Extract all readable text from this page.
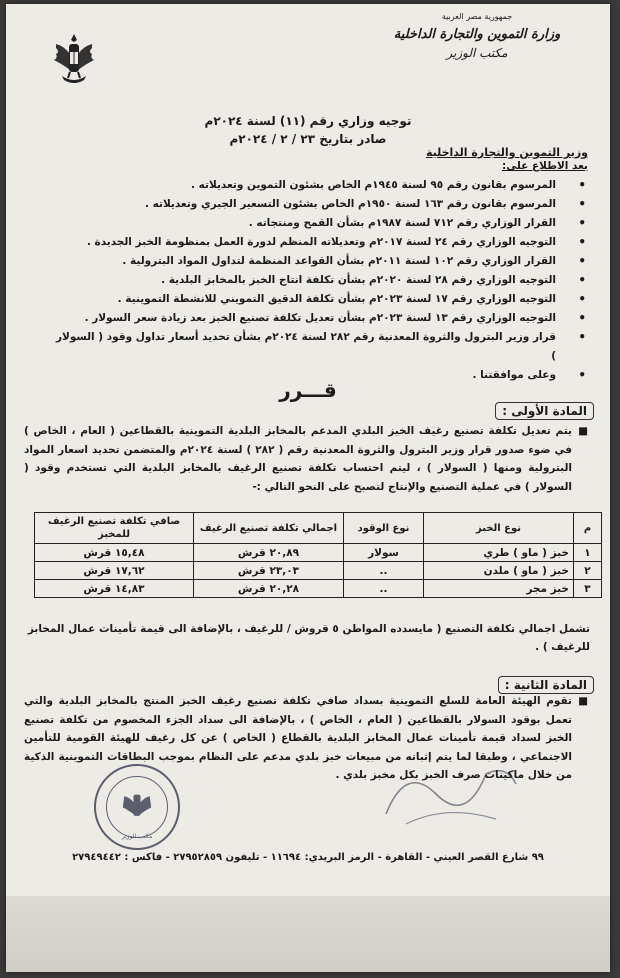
جمهورية مصر العربية
وزارة التموين والتجارة الداخلية
مكتب الوزير
توجيه وزاري رقم (١١) لسنة ٢٠٢٤م
صادر بتاريخ ٢٣ / ٢ / ٢٠٢٤م
وزير التموين والتجارة الداخلية
بعد الاطلاع على:
• المرسوم بقانون رقم ٩٥ لسنة ١٩٤٥م الخاص بشئون التموين وتعديلاته .
• المرسوم بقانون رقم ١٦٣ لسنة ١٩٥٠م الخاص بشئون التسعير الجبري وتعديلاته .
• القرار الوزاري رقم ٧١٢ لسنة ١٩٨٧م بشأن القمح ومنتجاته .
• التوجيه الوزاري رقم ٢٤ لسنة ٢٠١٧م وتعديلاته المنظم لدورة العمل بمنظومة الخبز الجديدة .
• القرار الوزاري رقم ١٠٢ لسنة ٢٠١١م بشأن القواعد المنظمة لتداول المواد البترولية .
• التوجيه الوزاري رقم ٢٨ لسنة ٢٠٢٠م بشأن تكلفة انتاج الخبز بالمخابز البلدية .
• التوجيه الوزاري رقم ١٧ لسنة ٢٠٢٣م بشأن تكلفة الدقيق التمويني للانشطة التموينية .
• التوجيه الوزاري رقم ١٣ لسنة ٢٠٢٣م بشأن تعديل تكلفة تصنيع الخبز بعد زيادة سعر السولار .
• قرار وزير البترول والثروة المعدنية رقم ٢٨٢ لسنة ٢٠٢٤م بشأن تحديد أسعار تداول وقود ( السولار )
• وعلى موافقتنا .
قـــرر
المادة الأولى :
■
يتم تعديل تكلفة تصنيع رغيف الخبز البلدي المدعم بالمخابز البلدية التموينية بالقطاعين ( العام ، الخاص ) في ضوء صدور قرار وزير البترول والثروة المعدنية رقم ( ٢٨٢ ) لسنة ٢٠٢٤م والمتضمن تحديد اسعار المواد البترولية ومنها ( السولار ) ، ليتم احتساب تكلفة تصنيع الرغيف بالمخابز البلدية التي تستخدم وقود ( السولار ) في عملية التصنيع والإنتاج لتصبح على النحو التالي :-
م	نوع الخبز	نوع الوقود	اجمالي تكلفة تصنيع الرغيف	صافي تكلفة تصنيع الرغيف للمخبز
١	خبز ( ماو ) طري	سولار	٢٠,٨٩ قرش	١٥,٤٨ قرش
٢	خبز ( ماو ) ملدن	..	٢٣,٠٣ قرش	١٧,٦٢ قرش
٣	خبز مجر	..	٢٠,٢٨ قرش	١٤,٨٣ قرش
تشمل اجمالي تكلفة التصنيع ( مايسدده المواطن ٥ قروش / للرغيف ، بالإضافة الى قيمة تأمينات عمال المخابز للرغيف ) .
المادة الثانية :
■
تقوم الهيئة العامة للسلع التموينية بسداد صافي تكلفة تصنيع رغيف الخبز المنتج بالمخابز البلدية والتي تعمل بوقود السولار بالقطاعين ( العام ، الخاص ) ، بالإضافة الى سداد الجزء المخصوم من تكلفة تصنيع الخبز لسداد قيمة تأمينات عمال المخابز البلدية بالقطاع ( الخاص ) عن كل رغيف للهيئة القومية للتأمين الاجتماعي ، وطبقا لما يتم إثباته من مبيعات خبز بلدي مدعم على النظام بموجب البطاقات التموينية الذكية من خلال ماكينات صرف الخبز بكل مخبز بلدي .
مكتب الوزير
٩٩ شارع القصر العيني - القاهرة - الرمز البريدي: ١١٦٩٤ - تليفون ٢٧٩٥٢٨٥٩ - فاكس : ٢٧٩٤٩٤٤٢
